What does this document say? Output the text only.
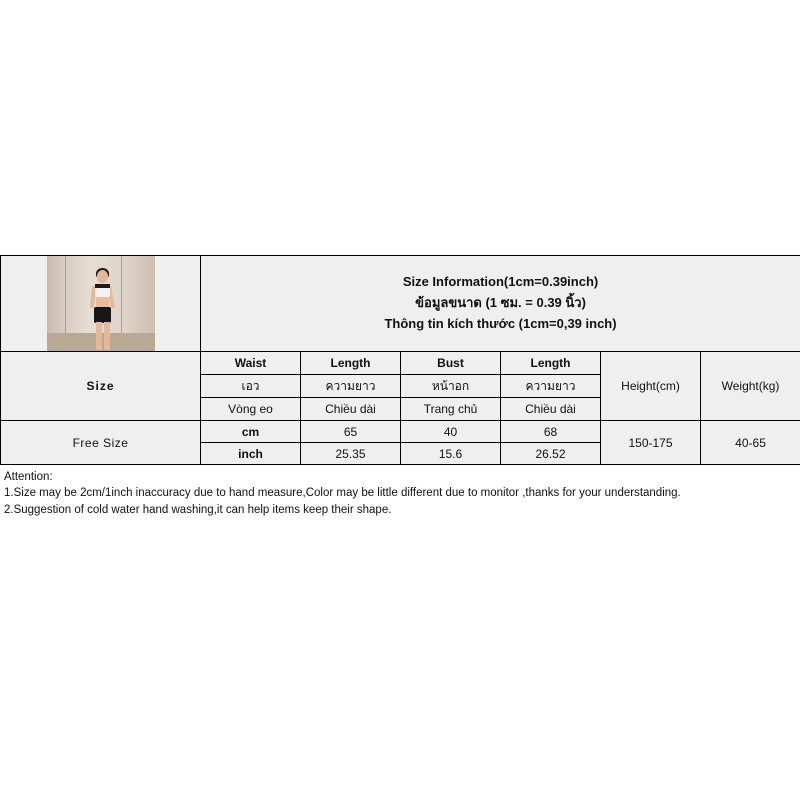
	Size Information(1cm=0.39inch)
ข้อมูลขนาด (1 ซม. = 0.39 นิ้ว)
Thông tin kích thước (1cm=0,39 inch)					

Size	Waist	Length	Bust	Length	Height(cm)	Weight(kg)
	เอว	ความยาว	หน้าอก	ความยาว		
	Vòng eo	Chiều dài	Trang chủ	Chiều dài		
Free Size	cm	65	40	68	150-175	40-65
	inch	25.35	15.6	26.52		
Attention:
1.Size may be 2cm/1inch inaccuracy due to hand measure,Color may be little different due to monitor ,thanks for your understanding.
2.Suggestion of cold water hand washing,it can help items keep their shape.
